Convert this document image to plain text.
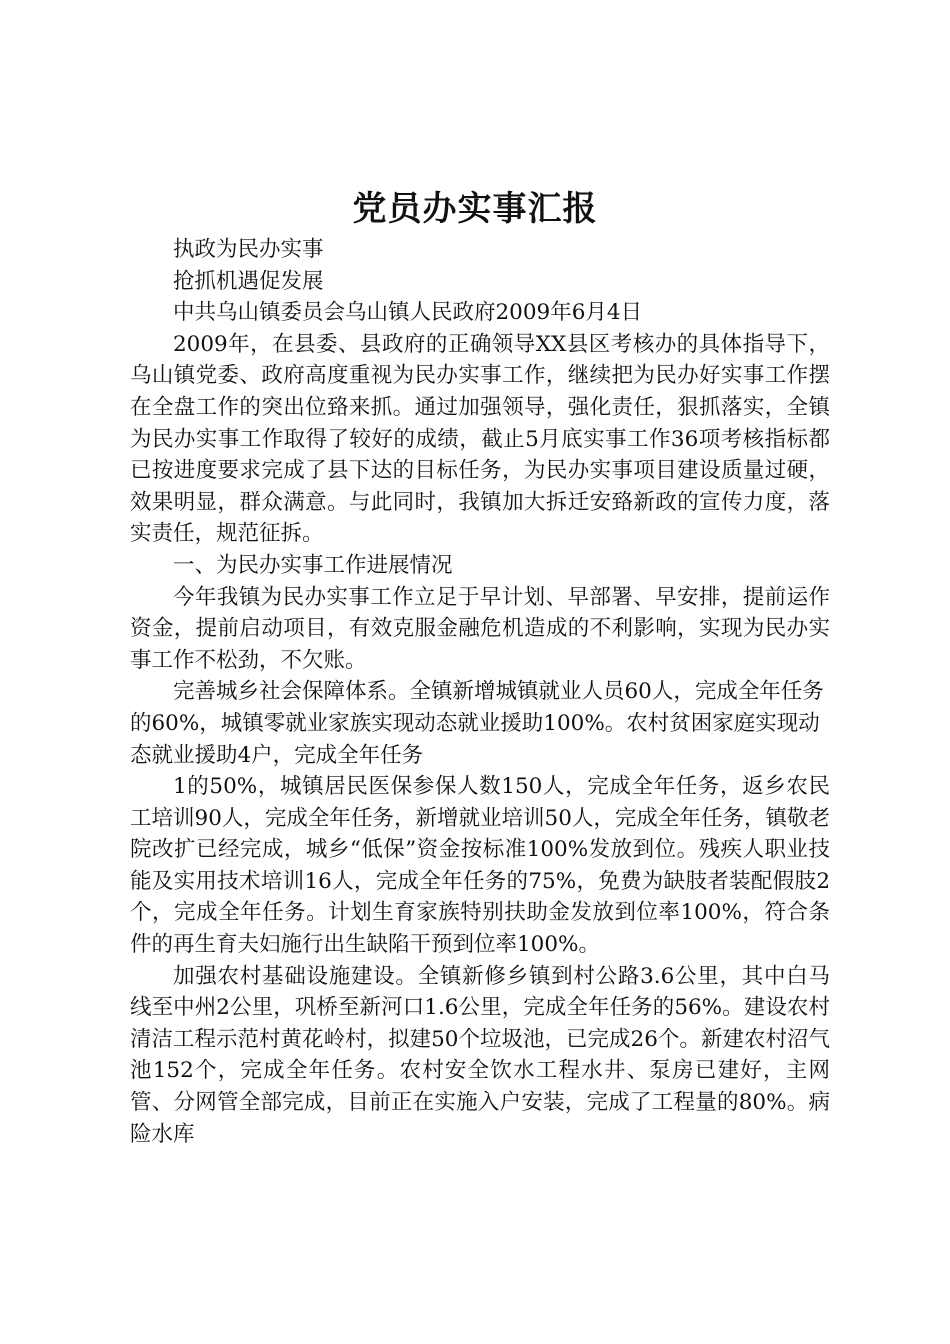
党员办实事汇报

执政为民办实事

抢抓机遇促发展

中共乌山镇委员会乌山镇人民政府2009年6月4日

2009年，在县委、县政府的正确领导XX县区考核办的具体指导下，乌山镇党委、政府高度重视为民办实事工作，继续把为民办好实事工作摆在全盘工作的突出位臵来抓。通过加强领导，强化责任，狠抓落实，全镇为民办实事工作取得了较好的成绩，截止5月底实事工作36项考核指标都已按进度要求完成了县下达的目标任务，为民办实事项目建设质量过硬，效果明显，群众满意。与此同时，我镇加大拆迁安臵新政的宣传力度，落实责任，规范征拆。

一、为民办实事工作进展情况

今年我镇为民办实事工作立足于早计划、早部署、早安排，提前运作资金，提前启动项目，有效克服金融危机造成的不利影响，实现为民办实事工作不松劲，不欠账。

完善城乡社会保障体系。全镇新增城镇就业人员60人，完成全年任务的60%，城镇零就业家族实现动态就业援助100%。农村贫困家庭实现动态就业援助4户，完成全年任务

1的50%，城镇居民医保参保人数150人，完成全年任务，返乡农民工培训90人，完成全年任务，新增就业培训50人，完成全年任务，镇敬老院改扩已经完成，城乡“低保”资金按标准100%发放到位。残疾人职业技能及实用技术培训16人，完成全年任务的75%，免费为缺肢者装配假肢2个，完成全年任务。计划生育家族特别扶助金发放到位率100%，符合条件的再生育夫妇施行出生缺陷干预到位率100%。

加强农村基础设施建设。全镇新修乡镇到村公路3.6公里，其中白马线至中州2公里，巩桥至新河口1.6公里，完成全年任务的56%。建设农村清洁工程示范村黄花岭村，拟建50个垃圾池，已完成26个。新建农村沼气池152个，完成全年任务。农村安全饮水工程水井、泵房已建好，主网管、分网管全部完成，目前正在实施入户安装，完成了工程量的80%。病险水库
